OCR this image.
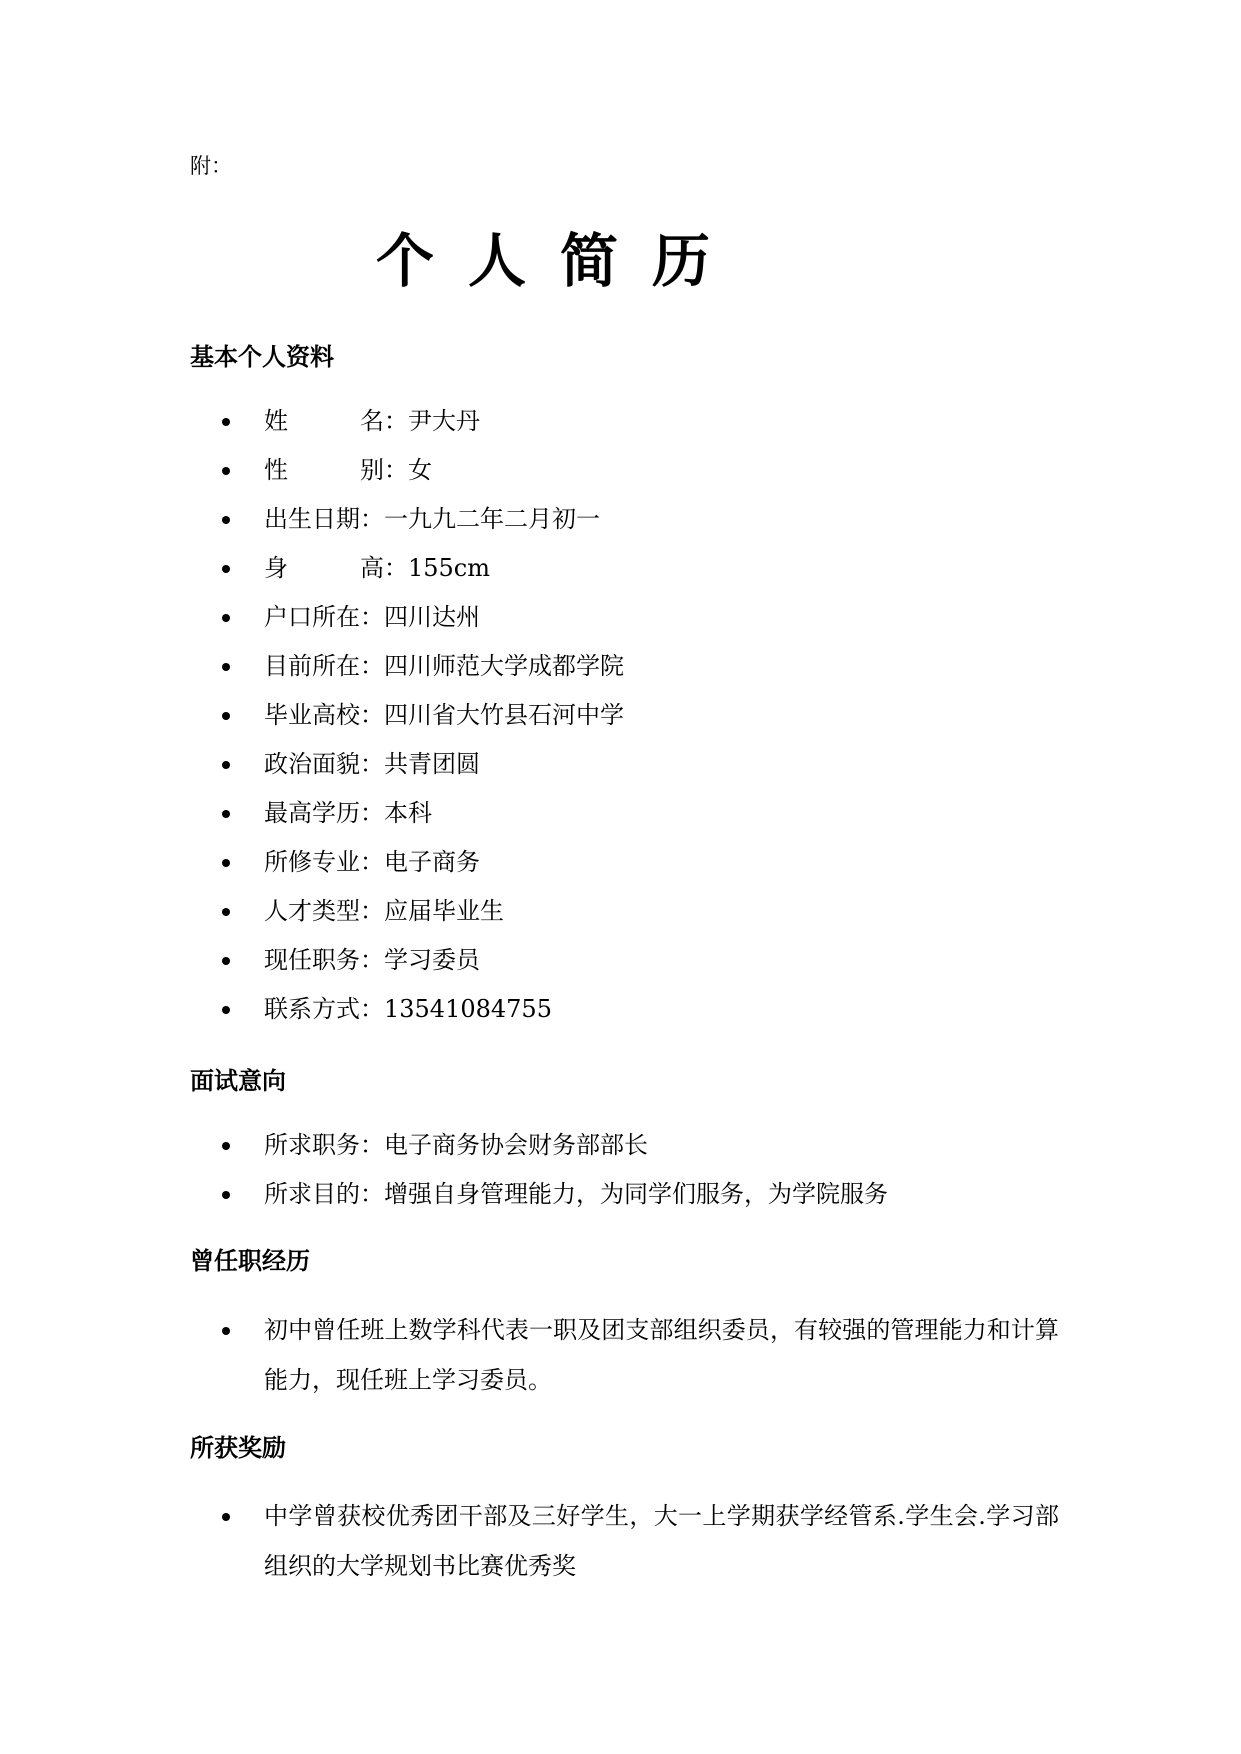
附：
个人简历
基本个人资料
姓	名 ：尹大丹
性	别 ：女
出生日期：一九九二年二月初一
身	高 ：155cm
户口所在：四川达州
目前所在：四川师范大学成都学院
毕业高校：四川省大竹县石河中学
政治面貌：共青团圆
最高学历：本科
所修专业：电子商务
人才类型：应届毕业生
现任职务：学习委员
联系方式：13541084755
面试意向
所求职务：电子商务协会财务部部长
所求目的：增强自身管理能力，为同学们服务，为学院服务
曾任职经历
初中曾任班上数学科代表一职及团支部组织委员，有较强的管理能力和计算能力，现任班上学习委员。
所获奖励
中学曾获校优秀团干部及三好学生，大一上学期获学经管系.学生会.学习部组织的大学规划书比赛优秀奖
